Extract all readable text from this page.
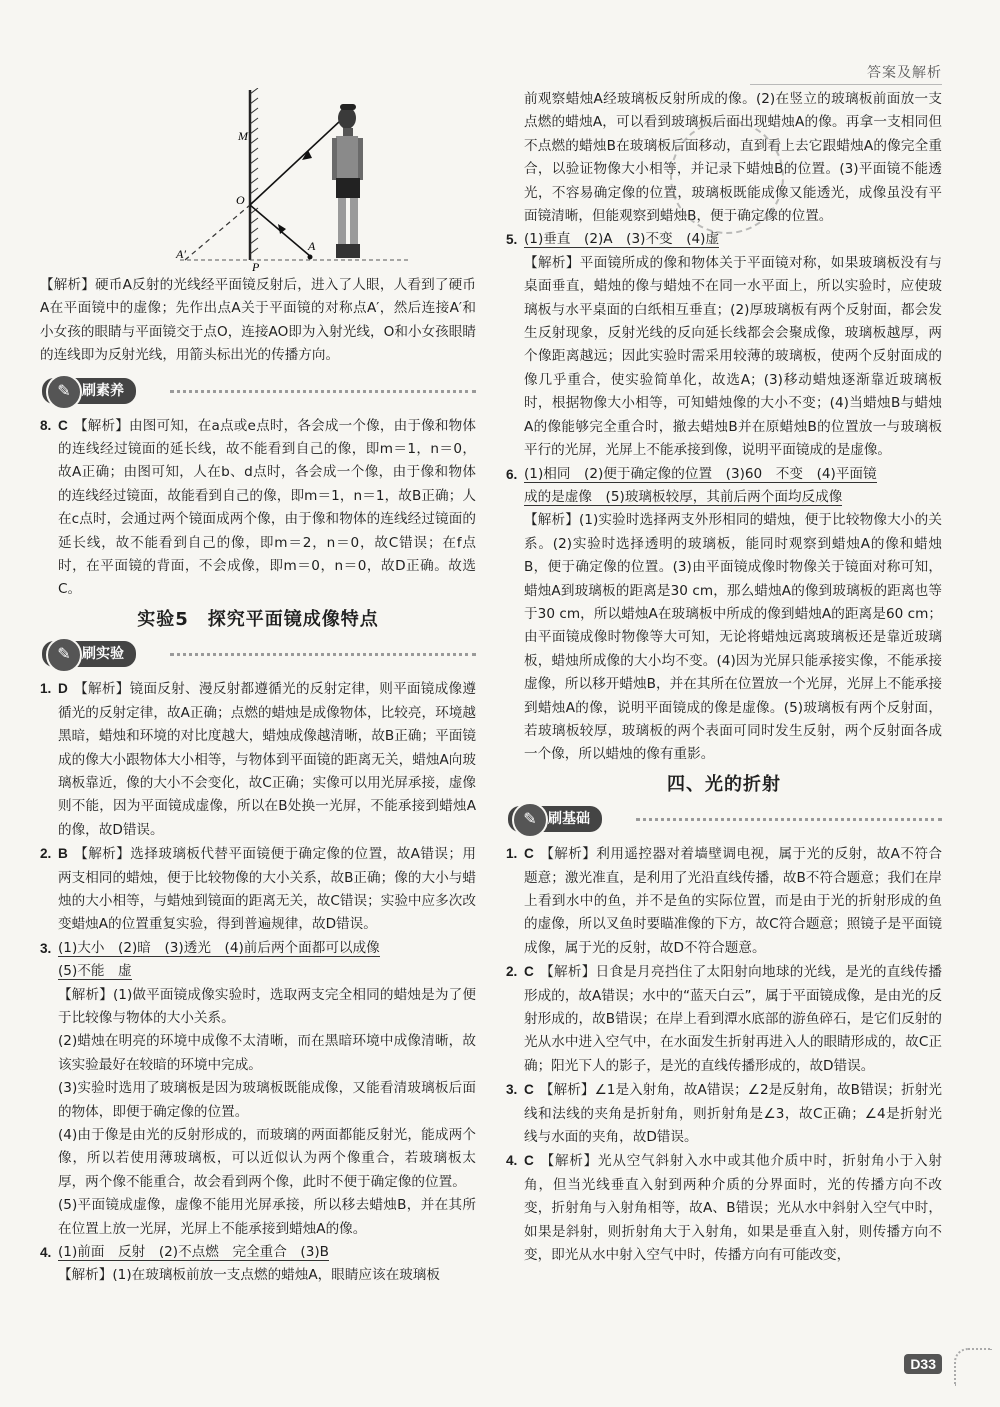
答案及解析
M
O
A
A′
P

【解析】硬币A反射的光线经平面镜反射后，进入了人眼，人看到了硬币A在平面镜中的虚像；先作出点A关于平面镜的对称点A′，然后连接A′和小女孩的眼睛与平面镜交于点O，连接AO即为入射光线，O和小女孩眼睛的连线即为反射光线，用箭头标出光的传播方向。

✎ 刷素养

8. C 【解析】由图可知，在a点或e点时，各会成一个像，由于像和物体的连线经过镜面的延长线，故不能看到自己的像，即m＝1，n＝0，故A正确；由图可知，人在b、d点时，各会成一个像，由于像和物体的连线经过镜面，故能看到自己的像，即m＝1，n＝1，故B正确；人在c点时，会通过两个镜面成两个像，由于像和物体的连线经过镜面的延长线，故不能看到自己的像，即m＝2，n＝0，故C错误；在f点时，在平面镜的背面，不会成像，即m＝0，n＝0，故D正确。故选C。

实验5　探究平面镜成像特点
✎ 刷实验

1. D 【解析】镜面反射、漫反射都遵循光的反射定律，则平面镜成像遵循光的反射定律，故A正确；点燃的蜡烛是成像物体，比较亮，环境越黑暗，蜡烛和环境的对比度越大，蜡烛成像越清晰，故B正确；平面镜成的像大小跟物体大小相等，与物体到平面镜的距离无关，蜡烛A向玻璃板靠近，像的大小不会变化，故C正确；实像可以用光屏承接，虚像则不能，因为平面镜成虚像，所以在B处换一光屏，不能承接到蜡烛A的像，故D错误。

2. B 【解析】选择玻璃板代替平面镜便于确定像的位置，故A错误；用两支相同的蜡烛，便于比较物像的大小关系，故B正确；像的大小与蜡烛的大小相等，与蜡烛到镜面的距离无关，故C错误；实验中应多次改变蜡烛A的位置重复实验，得到普遍规律，故D错误。

3. (1)大小　(2)暗　(3)透光　(4)前后两个面都可以成像

(5)不能　虚

【解析】(1)做平面镜成像实验时，选取两支完全相同的蜡烛是为了便于比较像与物体的大小关系。

(2)蜡烛在明亮的环境中成像不太清晰，而在黑暗环境中成像清晰，故该实验最好在较暗的环境中完成。

(3)实验时选用了玻璃板是因为玻璃板既能成像，又能看清玻璃板后面的物体，即便于确定像的位置。

(4)由于像是由光的反射形成的，而玻璃的两面都能反射光，能成两个像，所以若使用薄玻璃板，可以近似认为两个像重合，若玻璃板太厚，两个像不能重合，故会看到两个像，此时不便于确定像的位置。

(5)平面镜成虚像，虚像不能用光屏承接，所以移去蜡烛B，并在其所在位置上放一光屏，光屏上不能承接到蜡烛A的像。

4. (1)前面　反射　(2)不点燃　完全重合　(3)B

【解析】(1)在玻璃板前放一支点燃的蜡烛A，眼睛应该在玻璃板

前观察蜡烛A经玻璃板反射所成的像。(2)在竖立的玻璃板前面放一支点燃的蜡烛A，可以看到玻璃板后面出现蜡烛A的像。再拿一支相同但不点燃的蜡烛B在玻璃板后面移动，直到看上去它跟蜡烛A的像完全重合，以验证物像大小相等，并记录下蜡烛B的位置。(3)平面镜不能透光，不容易确定像的位置，玻璃板既能成像又能透光，成像虽没有平面镜清晰，但能观察到蜡烛B，便于确定像的位置。

5. (1)垂直　(2)A　(3)不变　(4)虚

【解析】平面镜所成的像和物体关于平面镜对称，如果玻璃板没有与桌面垂直，蜡烛的像与蜡烛不在同一水平面上，所以实验时，应使玻璃板与水平桌面的白纸相互垂直；(2)厚玻璃板有两个反射面，都会发生反射现象，反射光线的反向延长线都会会聚成像，玻璃板越厚，两个像距离越远；因此实验时需采用较薄的玻璃板，使两个反射面成的像几乎重合，使实验简单化，故选A；(3)移动蜡烛逐渐靠近玻璃板时，根据物像大小相等，可知蜡烛像的大小不变；(4)当蜡烛B与蜡烛A的像能够完全重合时，撤去蜡烛B并在原蜡烛B的位置放一与玻璃板平行的光屏，光屏上不能承接到像，说明平面镜成的是虚像。

6. (1)相同　(2)便于确定像的位置　(3)60　不变　(4)平面镜

成的是虚像　(5)玻璃板较厚，其前后两个面均反成像

【解析】(1)实验时选择两支外形相同的蜡烛，便于比较物像大小的关系。(2)实验时选择透明的玻璃板，能同时观察到蜡烛A的像和蜡烛B，便于确定像的位置。(3)由平面镜成像时物像关于镜面对称可知，蜡烛A到玻璃板的距离是30 cm，那么蜡烛A的像到玻璃板的距离也等于30 cm，所以蜡烛A在玻璃板中所成的像到蜡烛A的距离是60 cm；由平面镜成像时物像等大可知，无论将蜡烛远离玻璃板还是靠近玻璃板，蜡烛所成像的大小均不变。(4)因为光屏只能承接实像，不能承接虚像，所以移开蜡烛B，并在其所在位置放一个光屏，光屏上不能承接到蜡烛A的像，说明平面镜成的像是虚像。(5)玻璃板有两个反射面，若玻璃板较厚，玻璃板的两个表面可同时发生反射，两个反射面各成一个像，所以蜡烛的像有重影。

四、光的折射
✎ 刷基础

1. C 【解析】利用遥控器对着墙壁调电视，属于光的反射，故A不符合题意；激光准直，是利用了光沿直线传播，故B不符合题意；我们在岸上看到水中的鱼，并不是鱼的实际位置，而是由于光的折射形成的鱼的虚像，所以叉鱼时要瞄准像的下方，故C符合题意；照镜子是平面镜成像，属于光的反射，故D不符合题意。

2. C 【解析】日食是月亮挡住了太阳射向地球的光线，是光的直线传播形成的，故A错误；水中的“蓝天白云”，属于平面镜成像，是由光的反射形成的，故B错误；在岸上看到潭水底部的游鱼碎石，是它们反射的光从水中进入空气中，在水面发生折射再进入人的眼睛形成的，故C正确；阳光下人的影子，是光的直线传播形成的，故D错误。

3. C 【解析】∠1是入射角，故A错误；∠2是反射角，故B错误；折射光线和法线的夹角是折射角，则折射角是∠3，故C正确；∠4是折射光线与水面的夹角，故D错误。

4. C 【解析】光从空气斜射入水中或其他介质中时，折射角小于入射角，但当光线垂直入射到两种介质的分界面时，光的传播方向不改变，折射角与入射角相等，故A、B错误；光从水中斜射入空气中时，如果是斜射，则折射角大于入射角，如果是垂直入射，则传播方向不变，即光从水中射入空气中时，传播方向有可能改变，

D33
